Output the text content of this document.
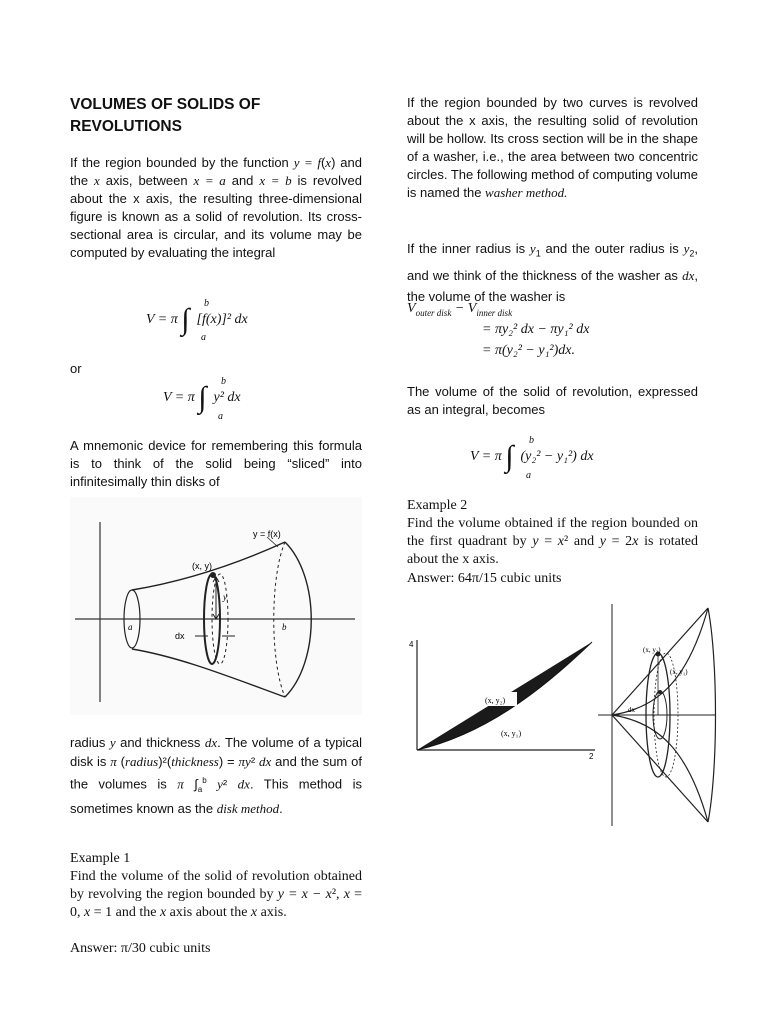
VOLUMES OF SOLIDS OF REVOLUTIONS
If the region bounded by the function y = f(x) and the x axis, between x = a and x = b is revolved about the x axis, the resulting three-dimensional figure is known as a solid of revolution. Its cross-sectional area is circular, and its volume may be computed by evaluating the integral
V = π ∫  [f(x)]² dx
b
a
or
V = π ∫  y² dx
b
a
A mnemonic device for remembering this formula is to think of the solid being “sliced” into infinitesimally thin disks of
y = f(x)
(x, y)
y
a	b
dx
radius y and thickness dx. The volume of a typical disk is π (radius)²(thickness) = πy² dx and the sum of the volumes is π $\int_a^b$ y² dx. This method is sometimes known as the disk method.
Example 1
Find the volume of the solid of revolution obtained by revolving the region bounded by y = x − x², x = 0, x = 1 and the x axis about the x axis.
Answer: π/30 cubic units
If the region bounded by two curves is revolved about the x axis, the resulting solid of revolution will be hollow. Its cross section will be in the shape of a washer, i.e., the area between two concentric circles. The following method of computing volume is named the washer method.
If the inner radius is $y_1$ and the outer radius is $y_2$, and we think of the thickness of the washer as dx, the volume of the washer is
$V_{outer disk} - V_{inner disk}$
= πy₂² dx − πy₁² dx
= π(y₂² − y₁²)dx.
The volume of the solid of revolution, expressed as an integral, becomes
V = π ∫  (y₂² − y₁²) dx
b
a
Example 2
Find the volume obtained if the region bounded on the first quadrant by y = x² and y = 2x is rotated about the x axis.
Answer: 64π/15 cubic units
4
2
(x, y₂)
(x, y₁)
(x, y₂)
(x, y₁)
dx
